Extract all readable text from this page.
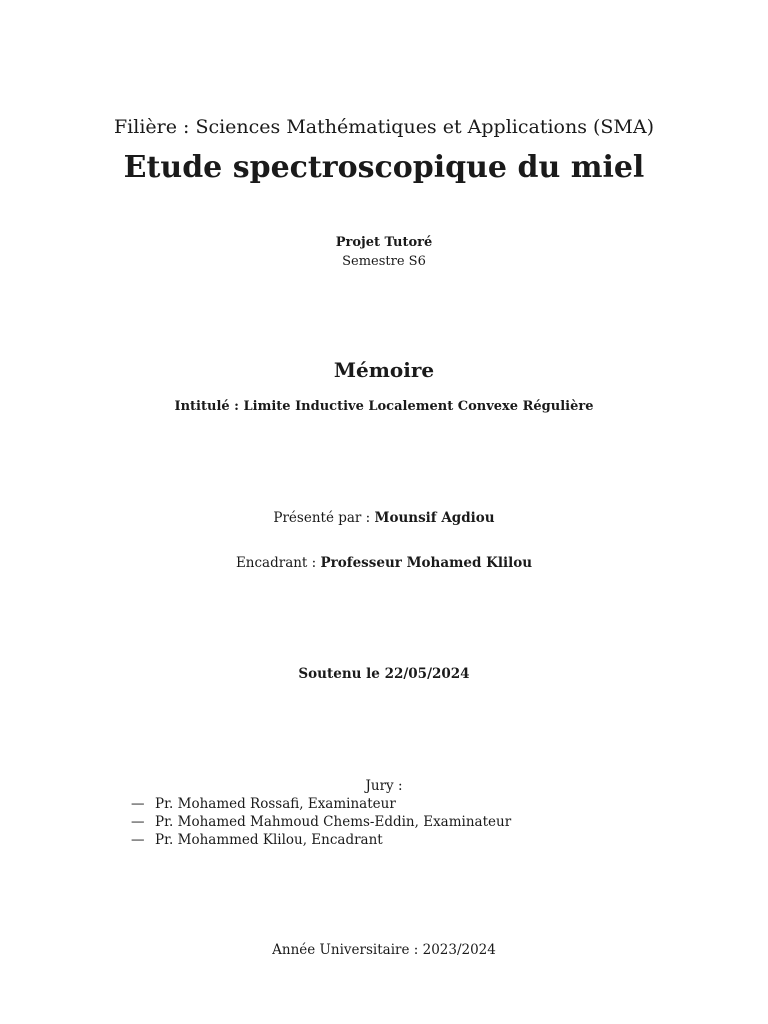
Filière : Sciences Mathématiques et Applications (SMA)
Etude spectroscopique du miel
Projet Tutoré
Semestre S6
Mémoire
Intitulé : Limite Inductive Localement Convexe Régulière
Présenté par : Mounsif Agdiou
Encadrant : Professeur Mohamed Klilou
Soutenu le 22/05/2024
Jury :
— Pr. Mohamed Rossafi, Examinateur
— Pr. Mohamed Mahmoud Chems-Eddin, Examinateur
— Pr. Mohammed Klilou, Encadrant
Année Universitaire : 2023/2024
